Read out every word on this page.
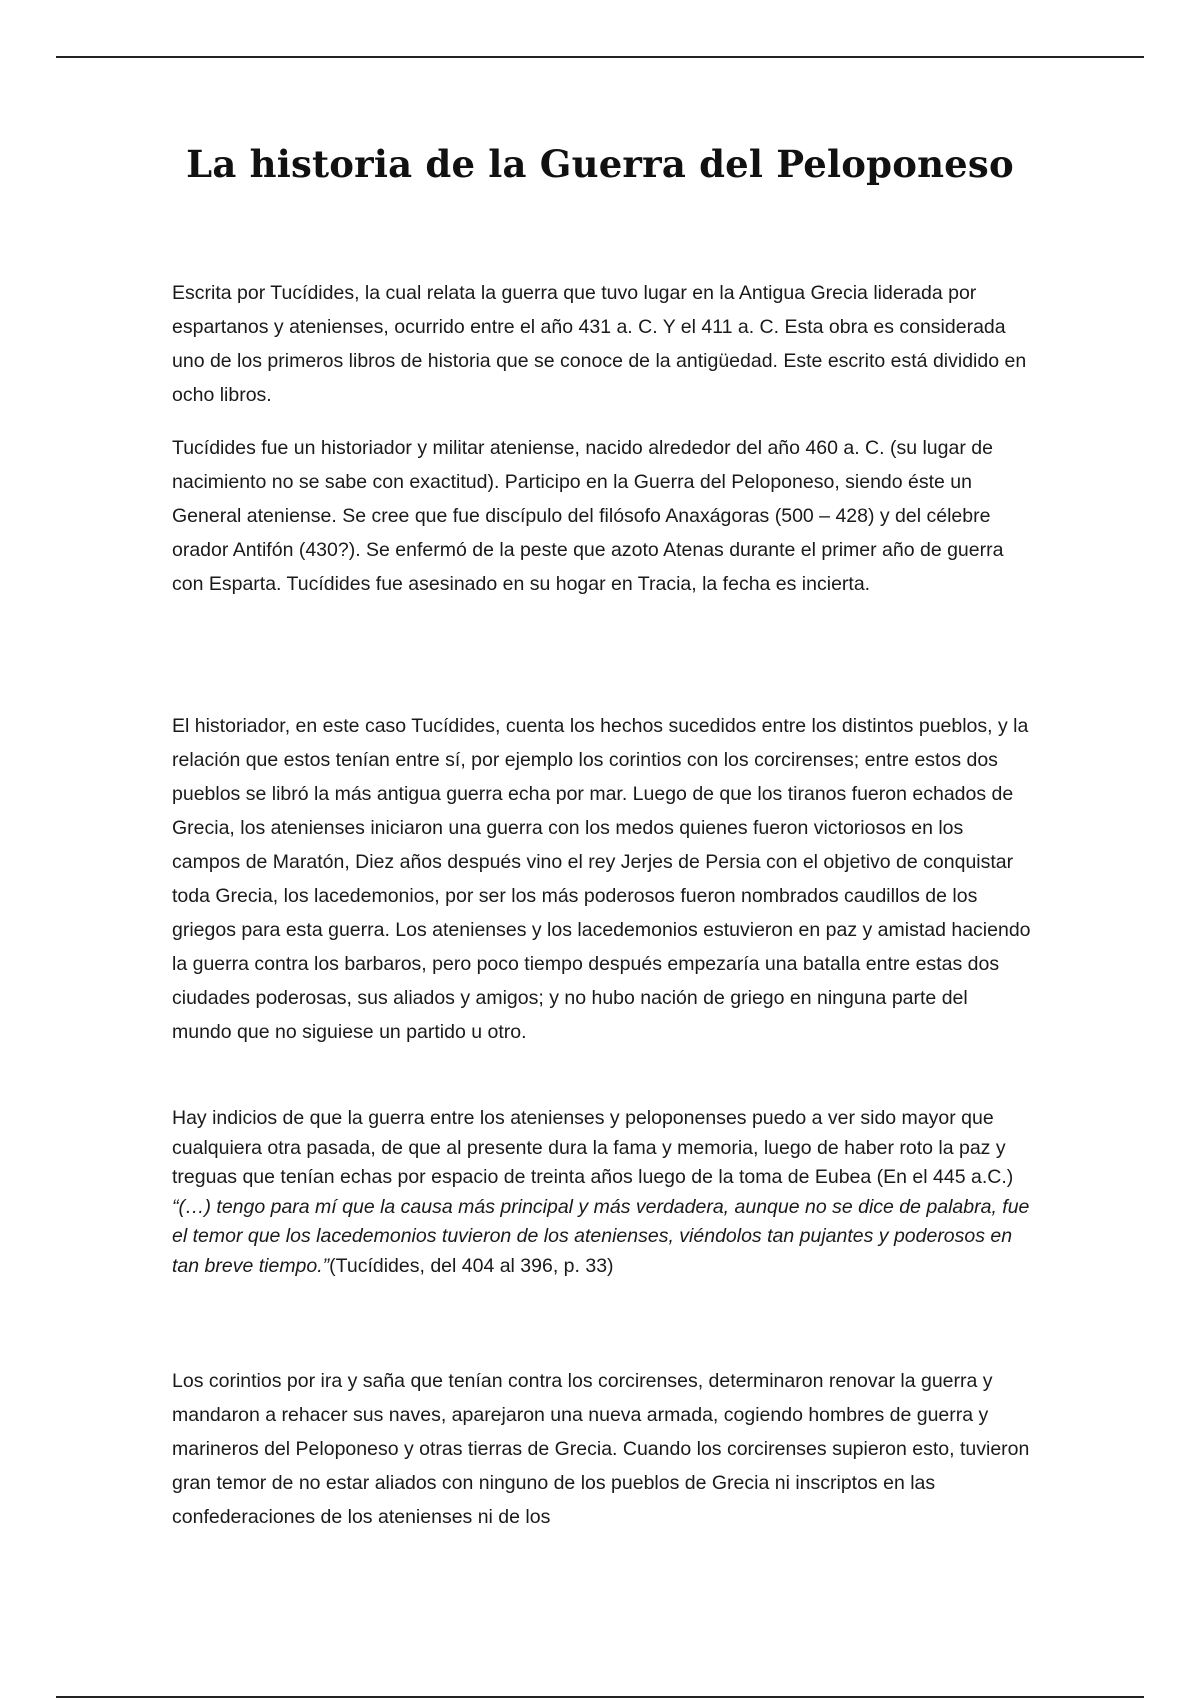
La historia de la Guerra del Peloponeso

Escrita por Tucídides, la cual relata la guerra que tuvo lugar en la Antigua Grecia liderada por espartanos y atenienses, ocurrido entre el año 431 a. C. Y el 411 a. C. Esta obra es considerada uno de los primeros libros de historia que se conoce de la antigüedad. Este escrito está dividido en ocho libros.

Tucídides fue un historiador y militar ateniense, nacido alrededor del año 460 a. C. (su lugar de nacimiento no se sabe con exactitud). Participo en la Guerra del Peloponeso, siendo éste un General ateniense. Se cree que fue discípulo del filósofo Anaxágoras (500 – 428) y del célebre orador Antifón (430?). Se enfermó de la peste que azoto Atenas durante el primer año de guerra con Esparta. Tucídides fue asesinado en su hogar en Tracia, la fecha es incierta.

El historiador, en este caso Tucídides, cuenta los hechos sucedidos entre los distintos pueblos, y la relación que estos tenían entre sí, por ejemplo los corintios con los corcirenses; entre estos dos pueblos se libró la más antigua guerra echa por mar. Luego de que los tiranos fueron echados de Grecia, los atenienses iniciaron una guerra con los medos quienes fueron victoriosos en los campos de Maratón, Diez años después vino el rey Jerjes de Persia con el objetivo de conquistar toda Grecia, los lacedemonios, por ser los más poderosos fueron nombrados caudillos de los griegos para esta guerra. Los atenienses y los lacedemonios estuvieron en paz y amistad haciendo la guerra contra los barbaros, pero poco tiempo después empezaría una batalla entre estas dos ciudades poderosas, sus aliados y amigos; y no hubo nación de griego en ninguna parte del mundo que no siguiese un partido u otro.

Hay indicios de que la guerra entre los atenienses y peloponenses puedo a ver sido mayor que cualquiera otra pasada, de que al presente dura la fama y memoria, luego de haber roto la paz y treguas que tenían echas por espacio de treinta años luego de la toma de Eubea (En el 445 a.C.) “(…) tengo para mí que la causa más principal y más verdadera, aunque no se dice de palabra, fue el temor que los lacedemonios tuvieron de los atenienses, viéndolos tan pujantes y poderosos en tan breve tiempo.”(Tucídides, del 404 al 396, p. 33)

Los corintios por ira y saña que tenían contra los corcirenses, determinaron renovar la guerra y mandaron a rehacer sus naves, aparejaron una nueva armada, cogiendo hombres de guerra y marineros del Peloponeso y otras tierras de Grecia. Cuando los corcirenses supieron esto, tuvieron gran temor de no estar aliados con ninguno de los pueblos de Grecia ni inscriptos en las confederaciones de los atenienses ni de los
